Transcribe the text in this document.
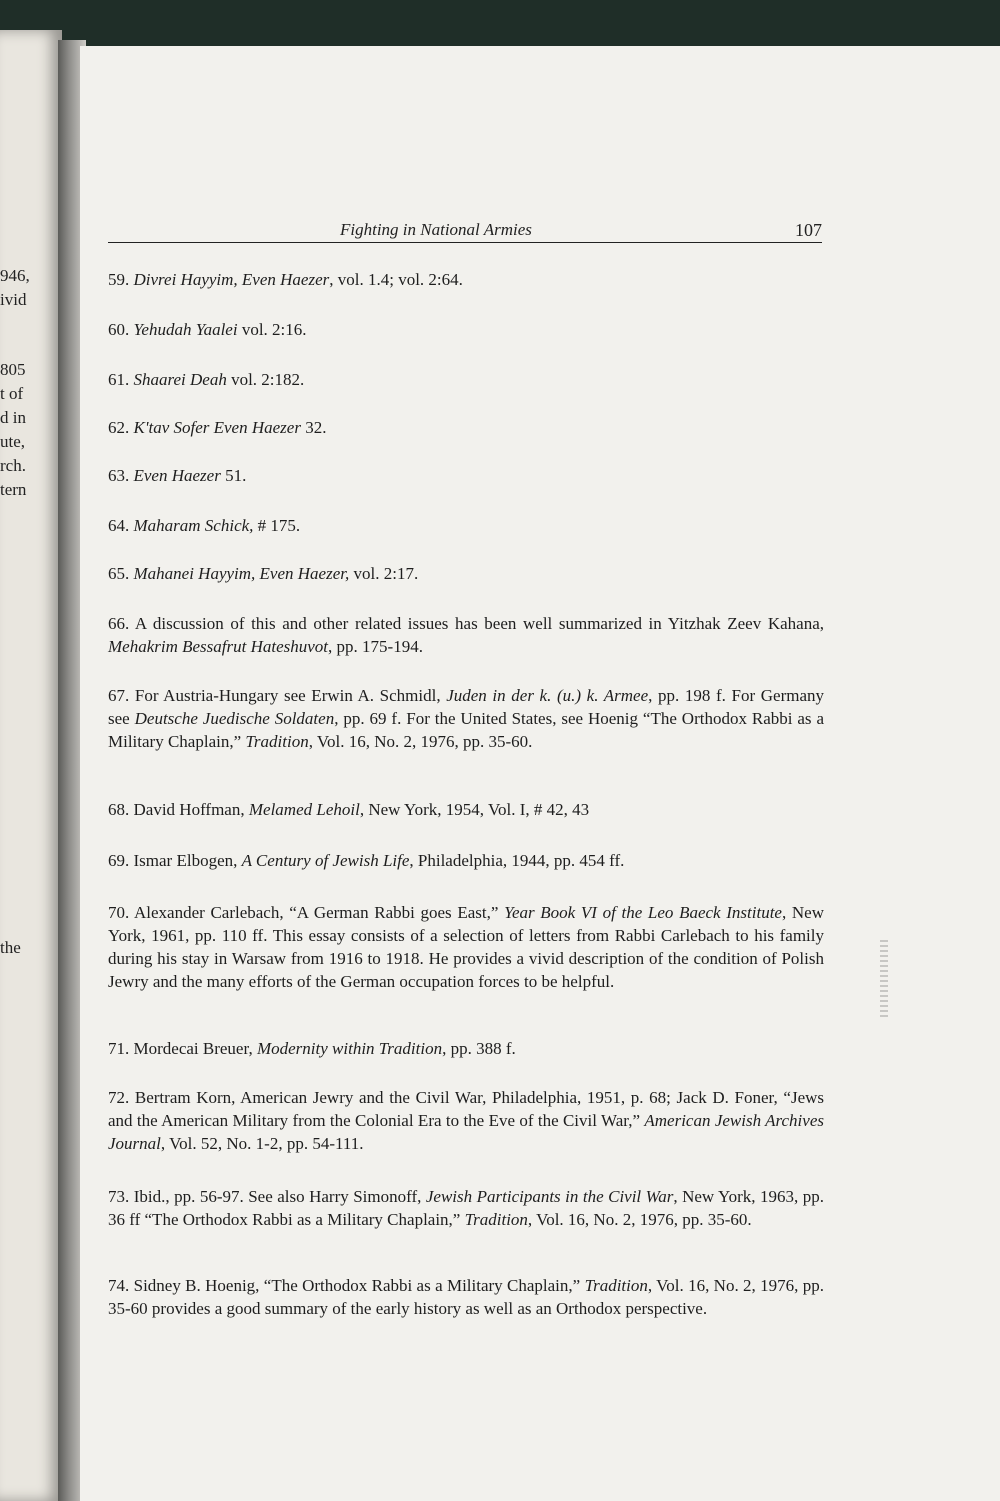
946,
ivid
805
t of
d in
ute,
rch.
tern
the
Fighting in National Armies	107

59. Divrei Hayyim, Even Haezer, vol. 1.4; vol. 2:64.

60. Yehudah Yaalei vol. 2:16.

61. Shaarei Deah vol. 2:182.

62. K'tav Sofer Even Haezer 32.

63. Even Haezer 51.

64. Maharam Schick, # 175.

65. Mahanei Hayyim, Even Haezer, vol. 2:17.

66. A discussion of this and other related issues has been well summarized in Yitzhak Zeev Kahana, Mehakrim Bessafrut Hateshuvot, pp. 175-194.

67. For Austria-Hungary see Erwin A. Schmidl, Juden in der k. (u.) k. Armee, pp. 198 f. For Germany see Deutsche Juedische Soldaten, pp. 69 f. For the United States, see Hoenig “The Orthodox Rabbi as a Military Chaplain,” Tradition, Vol. 16, No. 2, 1976, pp. 35-60.

68. David Hoffman, Melamed Lehoil, New York, 1954, Vol. I, # 42, 43

69. Ismar Elbogen, A Century of Jewish Life, Philadelphia, 1944, pp. 454 ff.

70. Alexander Carlebach, “A German Rabbi goes East,” Year Book VI of the Leo Baeck Institute, New York, 1961, pp. 110 ff. This essay consists of a selection of letters from Rabbi Carlebach to his family during his stay in Warsaw from 1916 to 1918. He provides a vivid description of the condition of Polish Jewry and the many efforts of the German occupation forces to be helpful.

71. Mordecai Breuer, Modernity within Tradition, pp. 388 f.

72. Bertram Korn, American Jewry and the Civil War, Philadelphia, 1951, p. 68; Jack D. Foner, “Jews and the American Military from the Colonial Era to the Eve of the Civil War,” American Jewish Archives Journal, Vol. 52, No. 1-2, pp. 54-111.

73. Ibid., pp. 56-97. See also Harry Simonoff, Jewish Participants in the Civil War, New York, 1963, pp. 36 ff “The Orthodox Rabbi as a Military Chaplain,” Tradition, Vol. 16, No. 2, 1976, pp. 35-60.

74. Sidney B. Hoenig, “The Orthodox Rabbi as a Military Chaplain,” Tradition, Vol. 16, No. 2, 1976, pp. 35-60 provides a good summary of the early history as well as an Orthodox perspective.
